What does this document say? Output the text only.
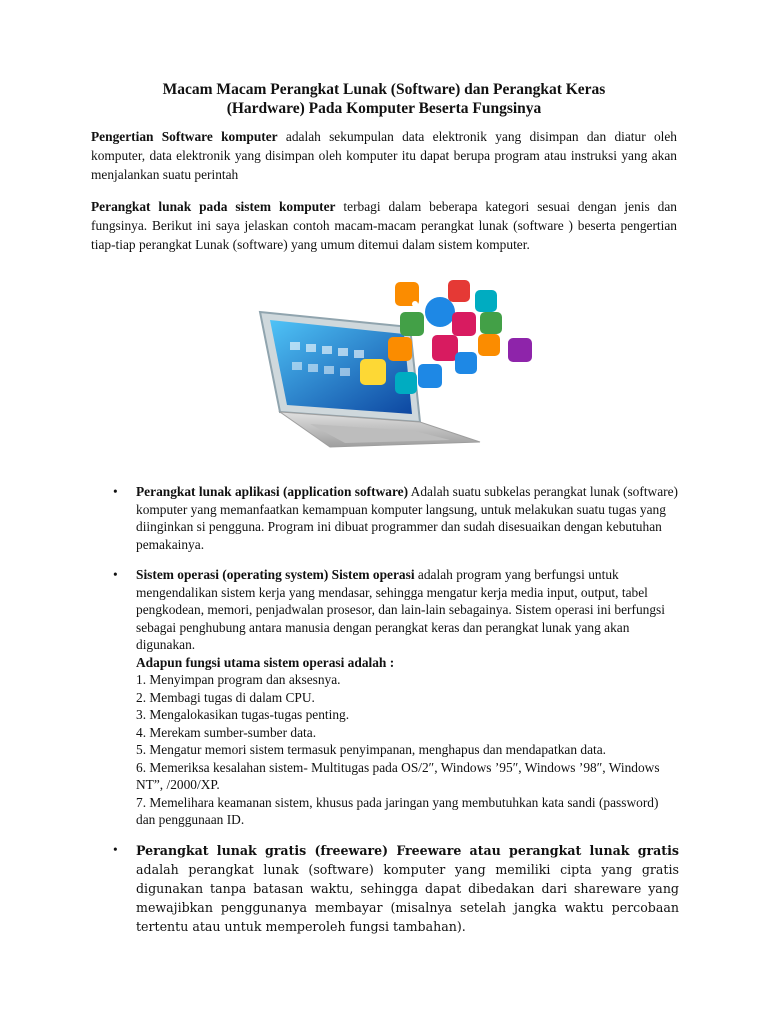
Macam Macam Perangkat Lunak (Software) dan Perangkat Keras
(Hardware) Pada Komputer Beserta Fungsinya

Pengertian Software komputer adalah sekumpulan data elektronik yang disimpan dan diatur oleh komputer, data elektronik yang disimpan oleh komputer itu dapat berupa program atau instruksi yang akan menjalankan suatu perintah

Perangkat lunak pada sistem komputer terbagi dalam beberapa kategori sesuai dengan jenis dan fungsinya. Berikut ini saya jelaskan contoh macam-macam perangkat lunak (software ) beserta pengertian tiap-tiap perangkat Lunak (software) yang umum ditemui dalam sistem komputer.

• Perangkat lunak aplikasi (application software) Adalah suatu subkelas perangkat lunak (software) komputer yang memanfaatkan kemampuan komputer langsung, untuk melakukan suatu tugas yang diinginkan si pengguna. Program ini dibuat programmer dan sudah disesuaikan dengan kebutuhan pemakainya.
• Sistem operasi (operating system) Sistem operasi adalah program yang berfungsi untuk mengendalikan sistem kerja yang mendasar, sehingga mengatur kerja media input, output, tabel pengkodean, memori, penjadwalan prosesor, dan lain-lain sebagainya. Sistem operasi ini berfungsi sebagai penghubung antara manusia dengan perangkat keras dan perangkat lunak yang akan digunakan.
Adapun fungsi utama sistem operasi adalah :
1. Menyimpan program dan aksesnya.
2. Membagi tugas di dalam CPU.
3. Mengalokasikan tugas-tugas penting.
4. Merekam sumber-sumber data.
5. Mengatur memori sistem termasuk penyimpanan, menghapus dan mendapatkan data.
6. Memeriksa kesalahan sistem- Multitugas pada OS/2″, Windows ’95″, Windows ’98″, Windows NT”, /2000/XP.
7. Memelihara keamanan sistem, khusus pada jaringan yang membutuhkan kata sandi (password) dan penggunaan ID.
• Perangkat lunak gratis (freeware) Freeware atau perangkat lunak gratis adalah perangkat lunak (software) komputer yang memiliki cipta yang gratis digunakan tanpa batasan waktu, sehingga dapat dibedakan dari shareware yang mewajibkan penggunanya membayar (misalnya setelah jangka waktu percobaan tertentu atau untuk memperoleh fungsi tambahan).
